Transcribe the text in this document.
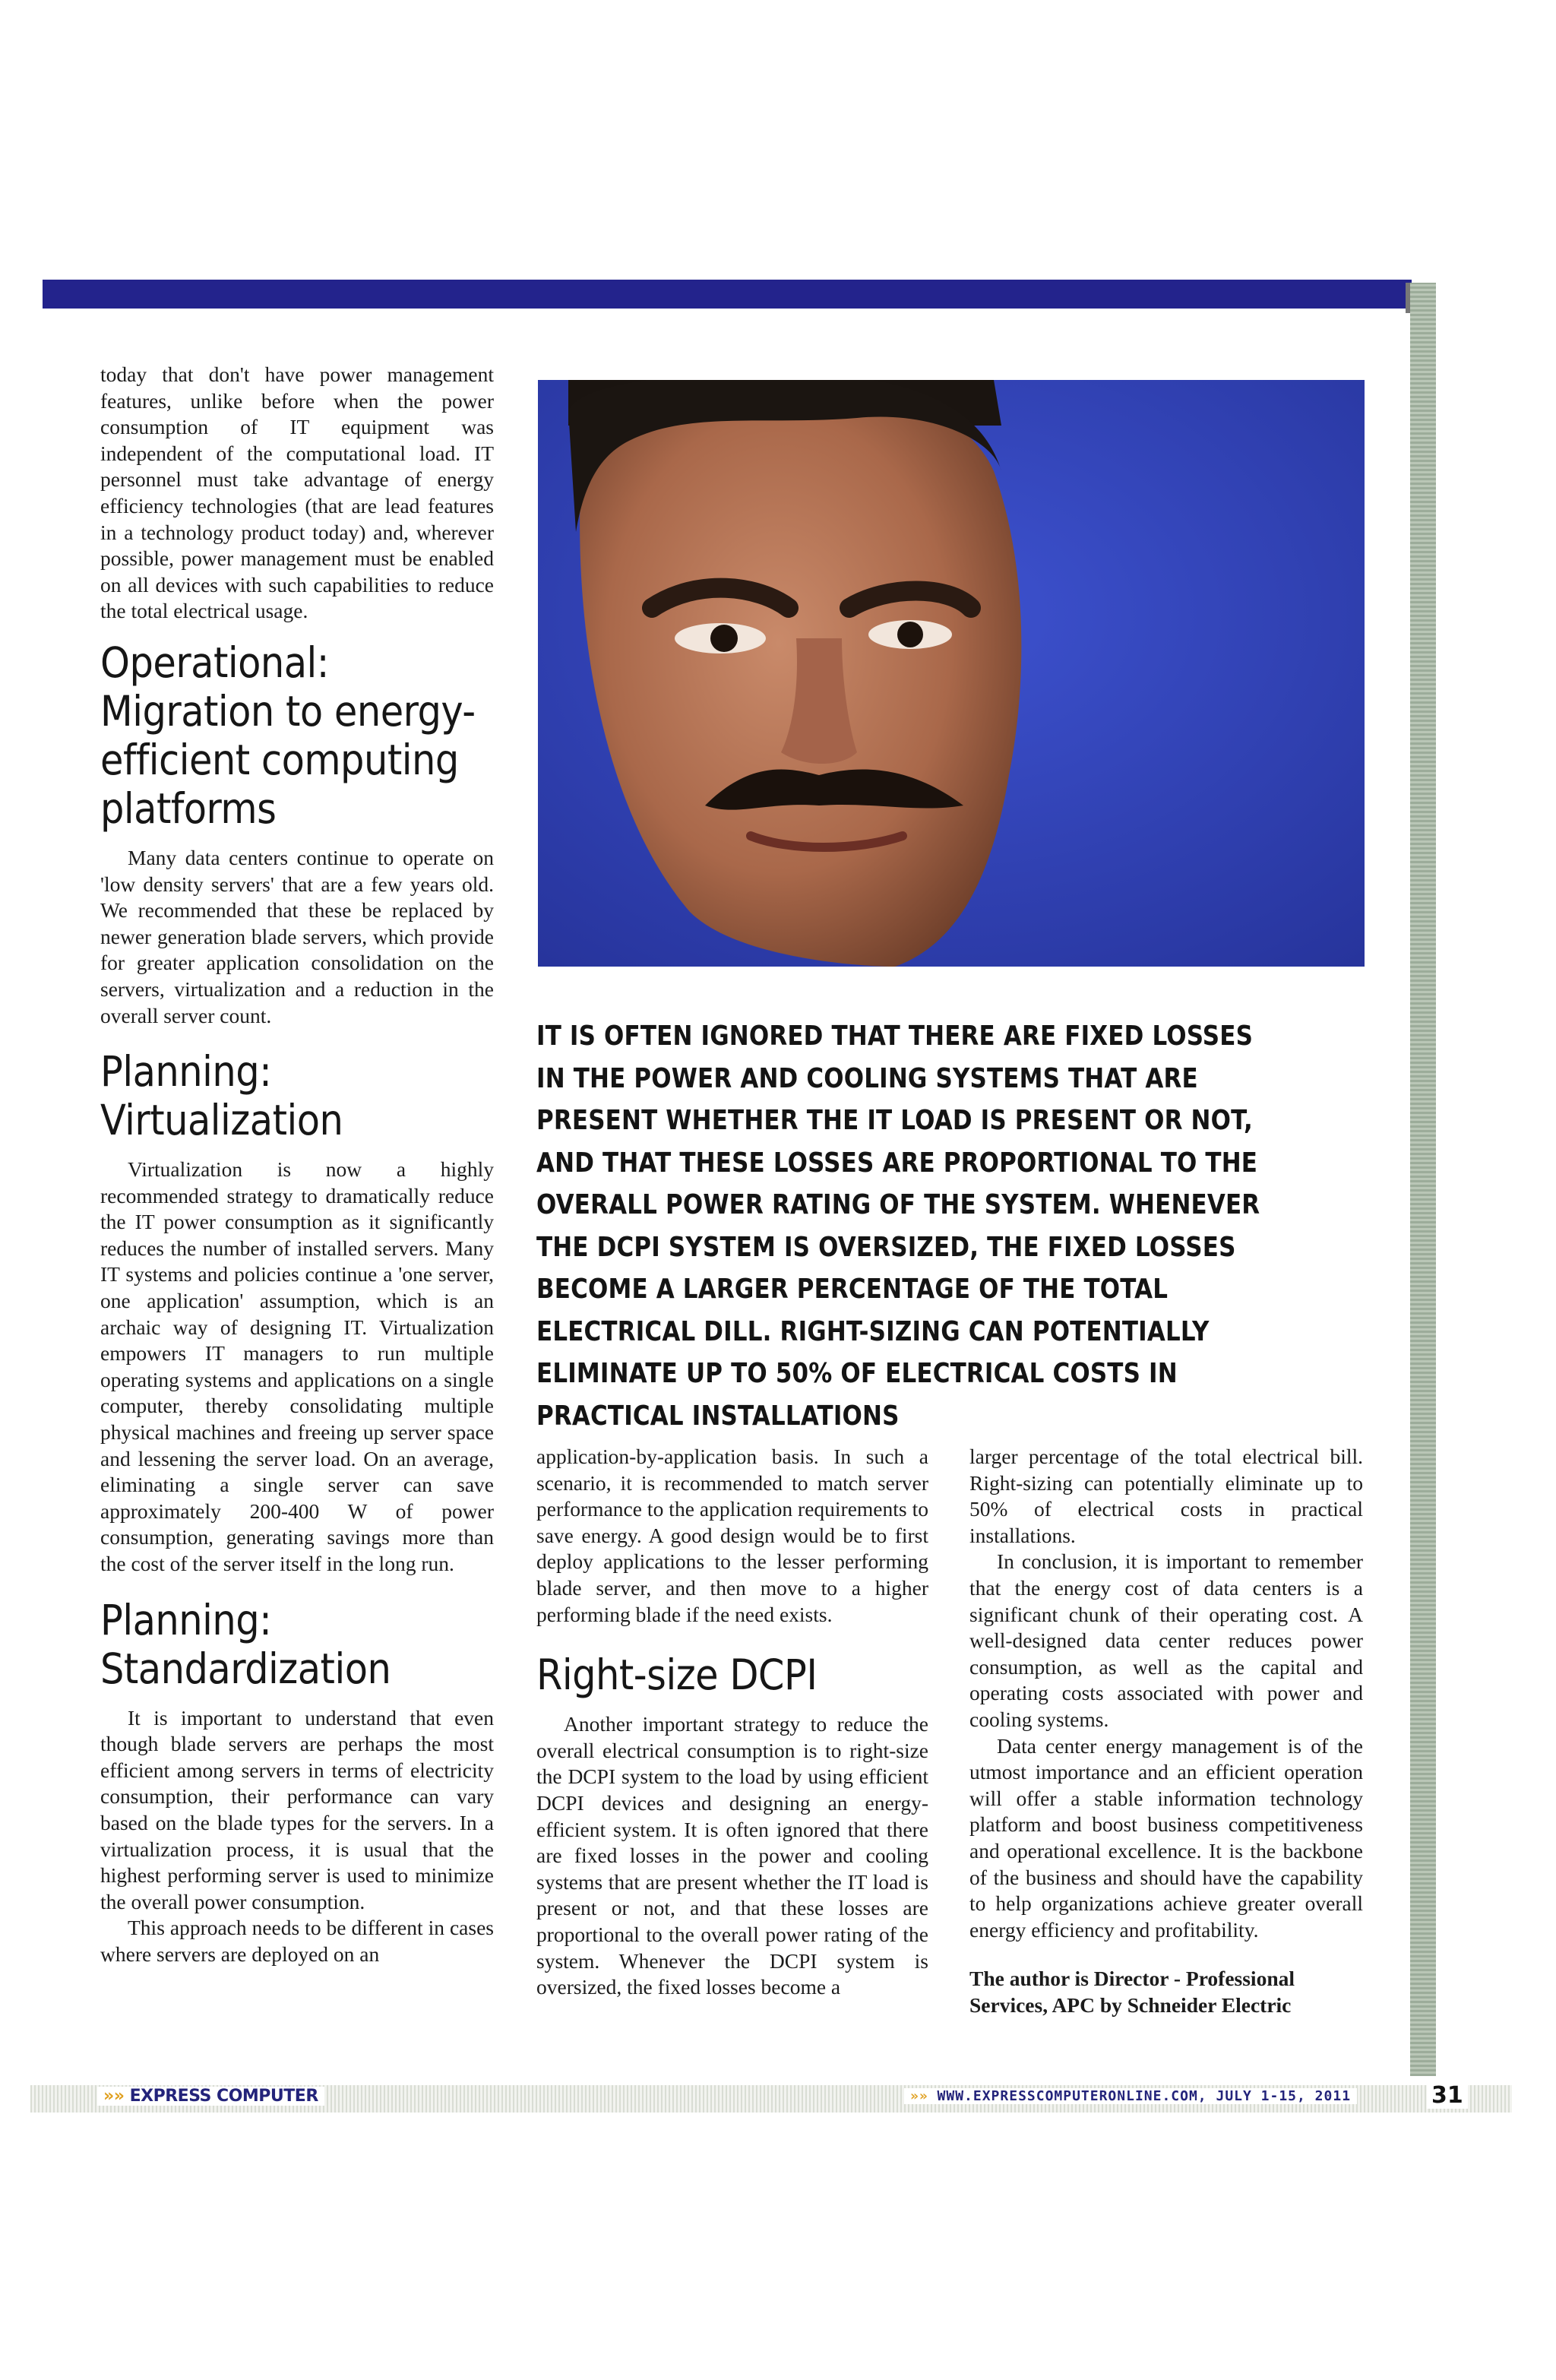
today that don't have power management features, unlike before when the power consumption of IT equipment was independent of the computational load. IT personnel must take advantage of energy efficiency technologies (that are lead features in a technology product today) and, wherever possible, power management must be enabled on all devices with such capabilities to reduce the total electrical usage.

Operational: Migration to energy-efficient computing platforms

Many data centers continue to operate on 'low density servers' that are a few years old. We recommended that these be replaced by newer generation blade servers, which provide for greater application consolidation on the servers, virtualization and a reduction in the overall server count.

Planning: Virtualization

Virtualization is now a highly recommended strategy to dramatically reduce the IT power consumption as it significantly reduces the number of installed servers. Many IT systems and policies continue a 'one server, one application' assumption, which is an archaic way of designing IT. Virtualization empowers IT managers to run multiple operating systems and applications on a single computer, thereby consolidating multiple physical machines and freeing up server space and lessening the server load. On an average, eliminating a single server can save approximately 200-400 W of power consumption, generating savings more than the cost of the server itself in the long run.

Planning: Standardization

It is important to understand that even though blade servers are perhaps the most efficient among servers in terms of electricity consumption, their performance can vary based on the blade types for the servers. In a virtualization process, it is usual that the highest performing server is used to minimize the overall power consumption.

This approach needs to be different in cases where servers are deployed on an

IT IS OFTEN IGNORED THAT THERE ARE FIXED LOSSES IN THE POWER AND COOLING SYSTEMS THAT ARE PRESENT WHETHER THE IT LOAD IS PRESENT OR NOT, AND THAT THESE LOSSES ARE PROPORTIONAL TO THE OVERALL POWER RATING OF THE SYSTEM. WHENEVER THE DCPI SYSTEM IS OVERSIZED, THE FIXED LOSSES BECOME A LARGER PERCENTAGE OF THE TOTAL ELECTRICAL DILL. RIGHT-SIZING CAN POTENTIALLY ELIMINATE UP TO 50% OF ELECTRICAL COSTS IN PRACTICAL INSTALLATIONS

application-by-application basis. In such a scenario, it is recommended to match server performance to the application requirements to save energy. A good design would be to first deploy applications to the lesser performing blade server, and then move to a higher performing blade if the need exists.

Right-size DCPI

Another important strategy to reduce the overall electrical consumption is to right-size the DCPI system to the load by using efficient DCPI devices and designing an energy-efficient system. It is often ignored that there are fixed losses in the power and cooling systems that are present whether the IT load is present or not, and that these losses are proportional to the overall power rating of the system. Whenever the DCPI system is oversized, the fixed losses become a

larger percentage of the total electrical bill. Right-sizing can potentially eliminate up to 50% of electrical costs in practical installations.

In conclusion, it is important to remember that the energy cost of data centers is a significant chunk of their operating cost. A well-designed data center reduces power consumption, as well as the capital and operating costs associated with power and cooling systems.

Data center energy management is of the utmost importance and an efficient operation will offer a stable information technology platform and boost business competitiveness and operational excellence. It is the backbone of the business and should have the capability to help organizations achieve greater overall energy efficiency and profitability.

The author is Director - Professional Services, APC by Schneider Electric

»» EXPRESS COMPUTER	»» WWW.EXPRESSCOMPUTERONLINE.COM, JULY 1-15, 2011	31
